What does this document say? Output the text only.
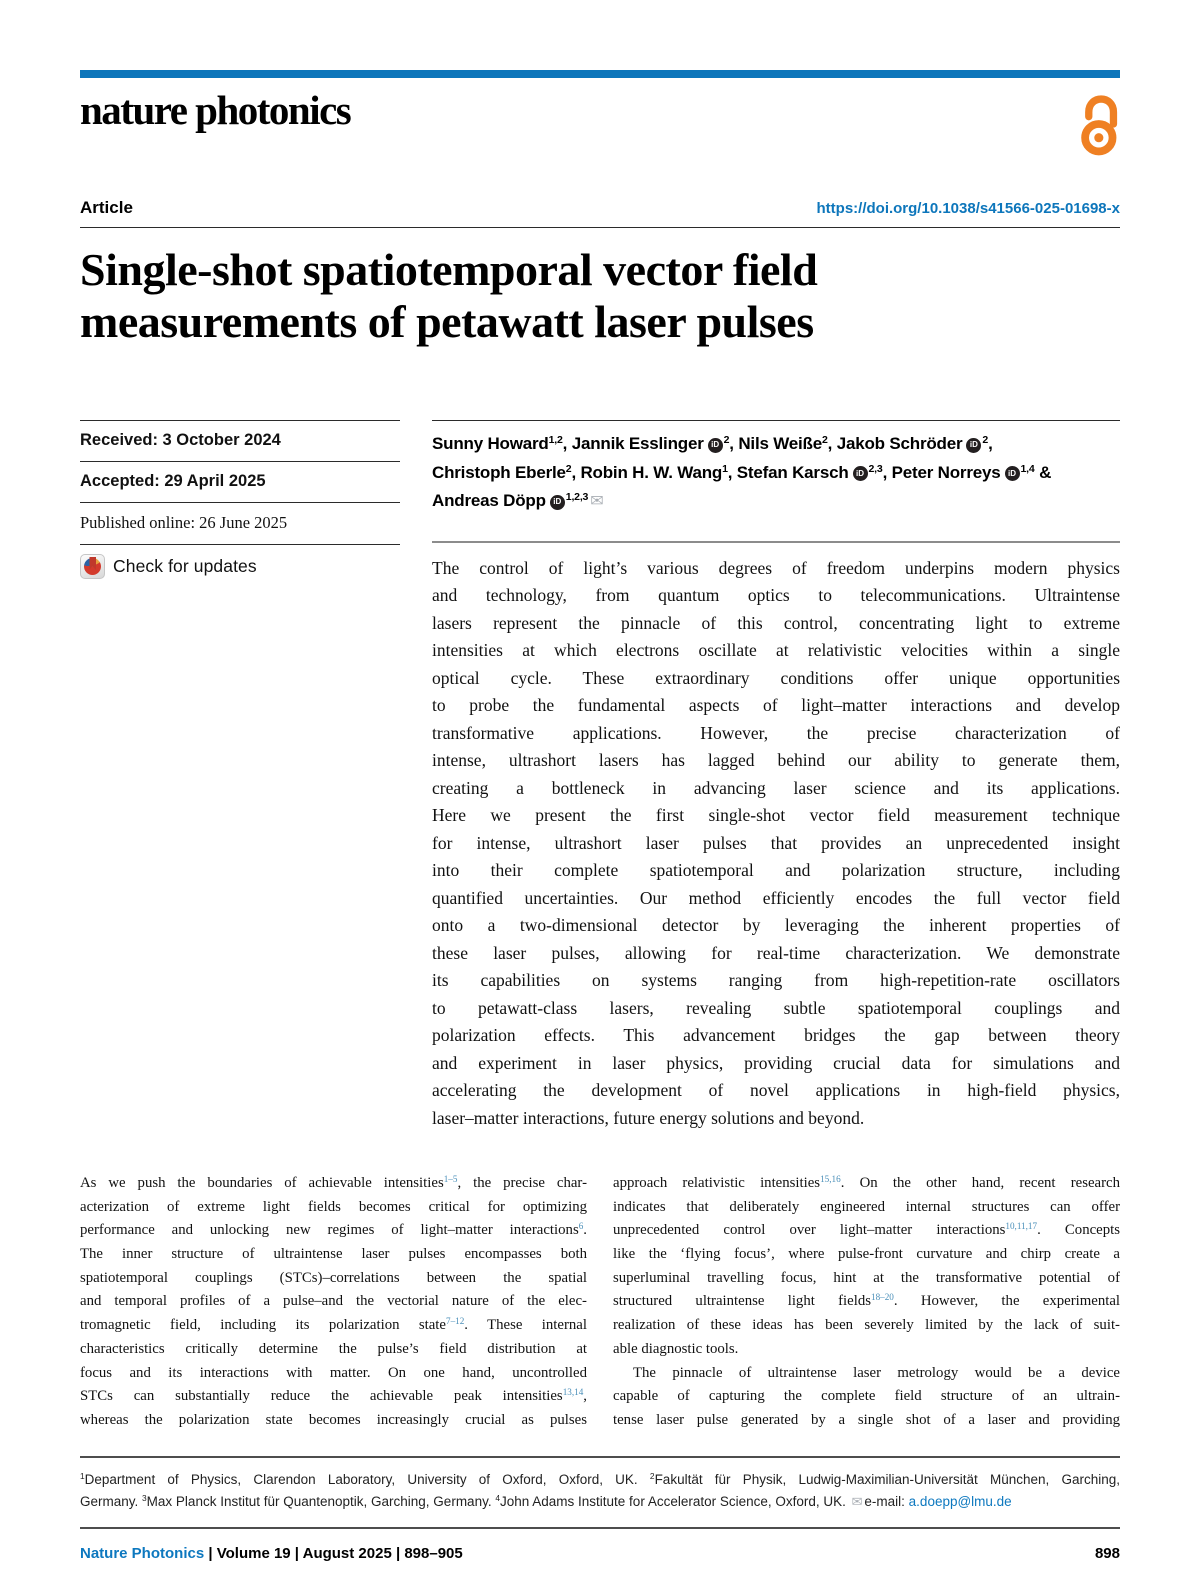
nature photonics
Article	https://doi.org/10.1038/s41566-025-01698-x
Single-shot spatiotemporal vector field
measurements of petawatt laser pulses
Received: 3 October 2024
Accepted: 29 April 2025
Published online: 26 June 2025
Check for updates
Sunny Howard$^{1,2}$, Jannik Esslinger iD $^2$, Nils Weiße$^2$, Jakob Schröder iD $^2$,
Christoph Eberle$^2$, Robin H. W. Wang$^1$, Stefan Karsch iD $^{2,3}$, Peter Norreys iD $^{1,4}$ &
Andreas Döpp iD $^{1,2,3}$ ✉
The control of light’s various degrees of freedom underpins modern physics
and technology, from quantum optics to telecommunications. Ultraintense
lasers represent the pinnacle of this control, concentrating light to extreme
intensities at which electrons oscillate at relativistic velocities within a single
optical cycle. These extraordinary conditions offer unique opportunities
to probe the fundamental aspects of light–matter interactions and develop
transformative applications. However, the precise characterization of
intense, ultrashort lasers has lagged behind our ability to generate them,
creating a bottleneck in advancing laser science and its applications.
Here we present the first single-shot vector field measurement technique
for intense, ultrashort laser pulses that provides an unprecedented insight
into their complete spatiotemporal and polarization structure, including
quantified uncertainties. Our method efficiently encodes the full vector field
onto a two-dimensional detector by leveraging the inherent properties of
these laser pulses, allowing for real-time characterization. We demonstrate
its capabilities on systems ranging from high-repetition-rate oscillators
to petawatt-class lasers, revealing subtle spatiotemporal couplings and
polarization effects. This advancement bridges the gap between theory
and experiment in laser physics, providing crucial data for simulations and
accelerating the development of novel applications in high-field physics,
laser–matter interactions, future energy solutions and beyond.
As we push the boundaries of achievable intensities$^{1-5}$, the precise char-
acterization of extreme light fields becomes critical for optimizing
performance and unlocking new regimes of light–matter interactions$^6$.
The inner structure of ultraintense laser pulses encompasses both
spatiotemporal couplings (STCs)–correlations between the spatial
and temporal profiles of a pulse–and the vectorial nature of the elec-
tromagnetic field, including its polarization state$^{7-12}$. These internal
characteristics critically determine the pulse’s field distribution at
focus and its interactions with matter. On one hand, uncontrolled
STCs can substantially reduce the achievable peak intensities$^{13,14}$,
whereas the polarization state becomes increasingly crucial as pulses
approach relativistic intensities$^{15,16}$. On the other hand, recent research
indicates that deliberately engineered internal structures can offer
unprecedented control over light–matter interactions$^{10,11,17}$. Concepts
like the ‘flying focus’, where pulse-front curvature and chirp create a
superluminal travelling focus, hint at the transformative potential of
structured ultraintense light fields$^{18-20}$. However, the experimental
realization of these ideas has been severely limited by the lack of suit-
able diagnostic tools.
The pinnacle of ultraintense laser metrology would be a device
capable of capturing the complete field structure of an ultrain-
tense laser pulse generated by a single shot of a laser and providing
$^1$Department of Physics, Clarendon Laboratory, University of Oxford, Oxford, UK. $^2$Fakultät für Physik, Ludwig-Maximilian-Universität München, Garching,
Germany. $^3$Max Planck Institut für Quantenoptik, Garching, Germany. $^4$John Adams Institute for Accelerator Science, Oxford, UK. ✉ e-mail: a.doepp@lmu.de
Nature Photonics | Volume 19 | August 2025 | 898–905	898
